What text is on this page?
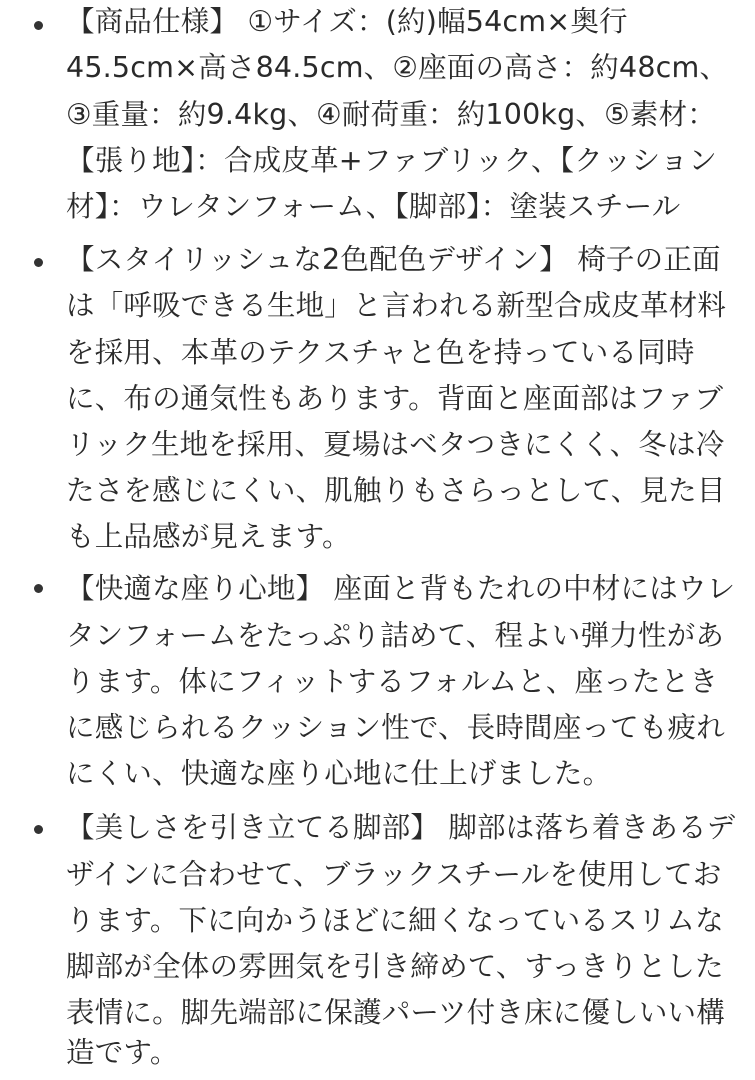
【商品仕様】 ①サイズ：(約)幅54cm×奥行
45.5cm×高さ84.5cm、②座面の高さ：約48cm、
③重量：約9.4kg、④耐荷重：約100kg、⑤素材：
【張り地】：合成皮革+ファブリック、【クッション
材】：ウレタンフォーム、【脚部】：塗装スチール
【スタイリッシュな2色配色デザイン】 椅子の正面
は「呼吸できる生地」と言われる新型合成皮革材料
を採用、本革のテクスチャと色を持っている同時
に、布の通気性もあります。背面と座面部はファブ
リック生地を採用、夏場はベタつきにくく、冬は冷
たさを感じにくい、肌触りもさらっとして、見た目
も上品感が見えます。
【快適な座り心地】 座面と背もたれの中材にはウレ
タンフォームをたっぷり詰めて、程よい弾力性があ
ります。体にフィットするフォルムと、座ったとき
に感じられるクッション性で、長時間座っても疲れ
にくい、快適な座り心地に仕上げました。
【美しさを引き立てる脚部】 脚部は落ち着きあるデ
ザインに合わせて、ブラックスチールを使用してお
ります。下に向かうほどに細くなっているスリムな
脚部が全体の雰囲気を引き締めて、すっきりとした
表情に。脚先端部に保護パーツ付き床に優しいい構
造です。
